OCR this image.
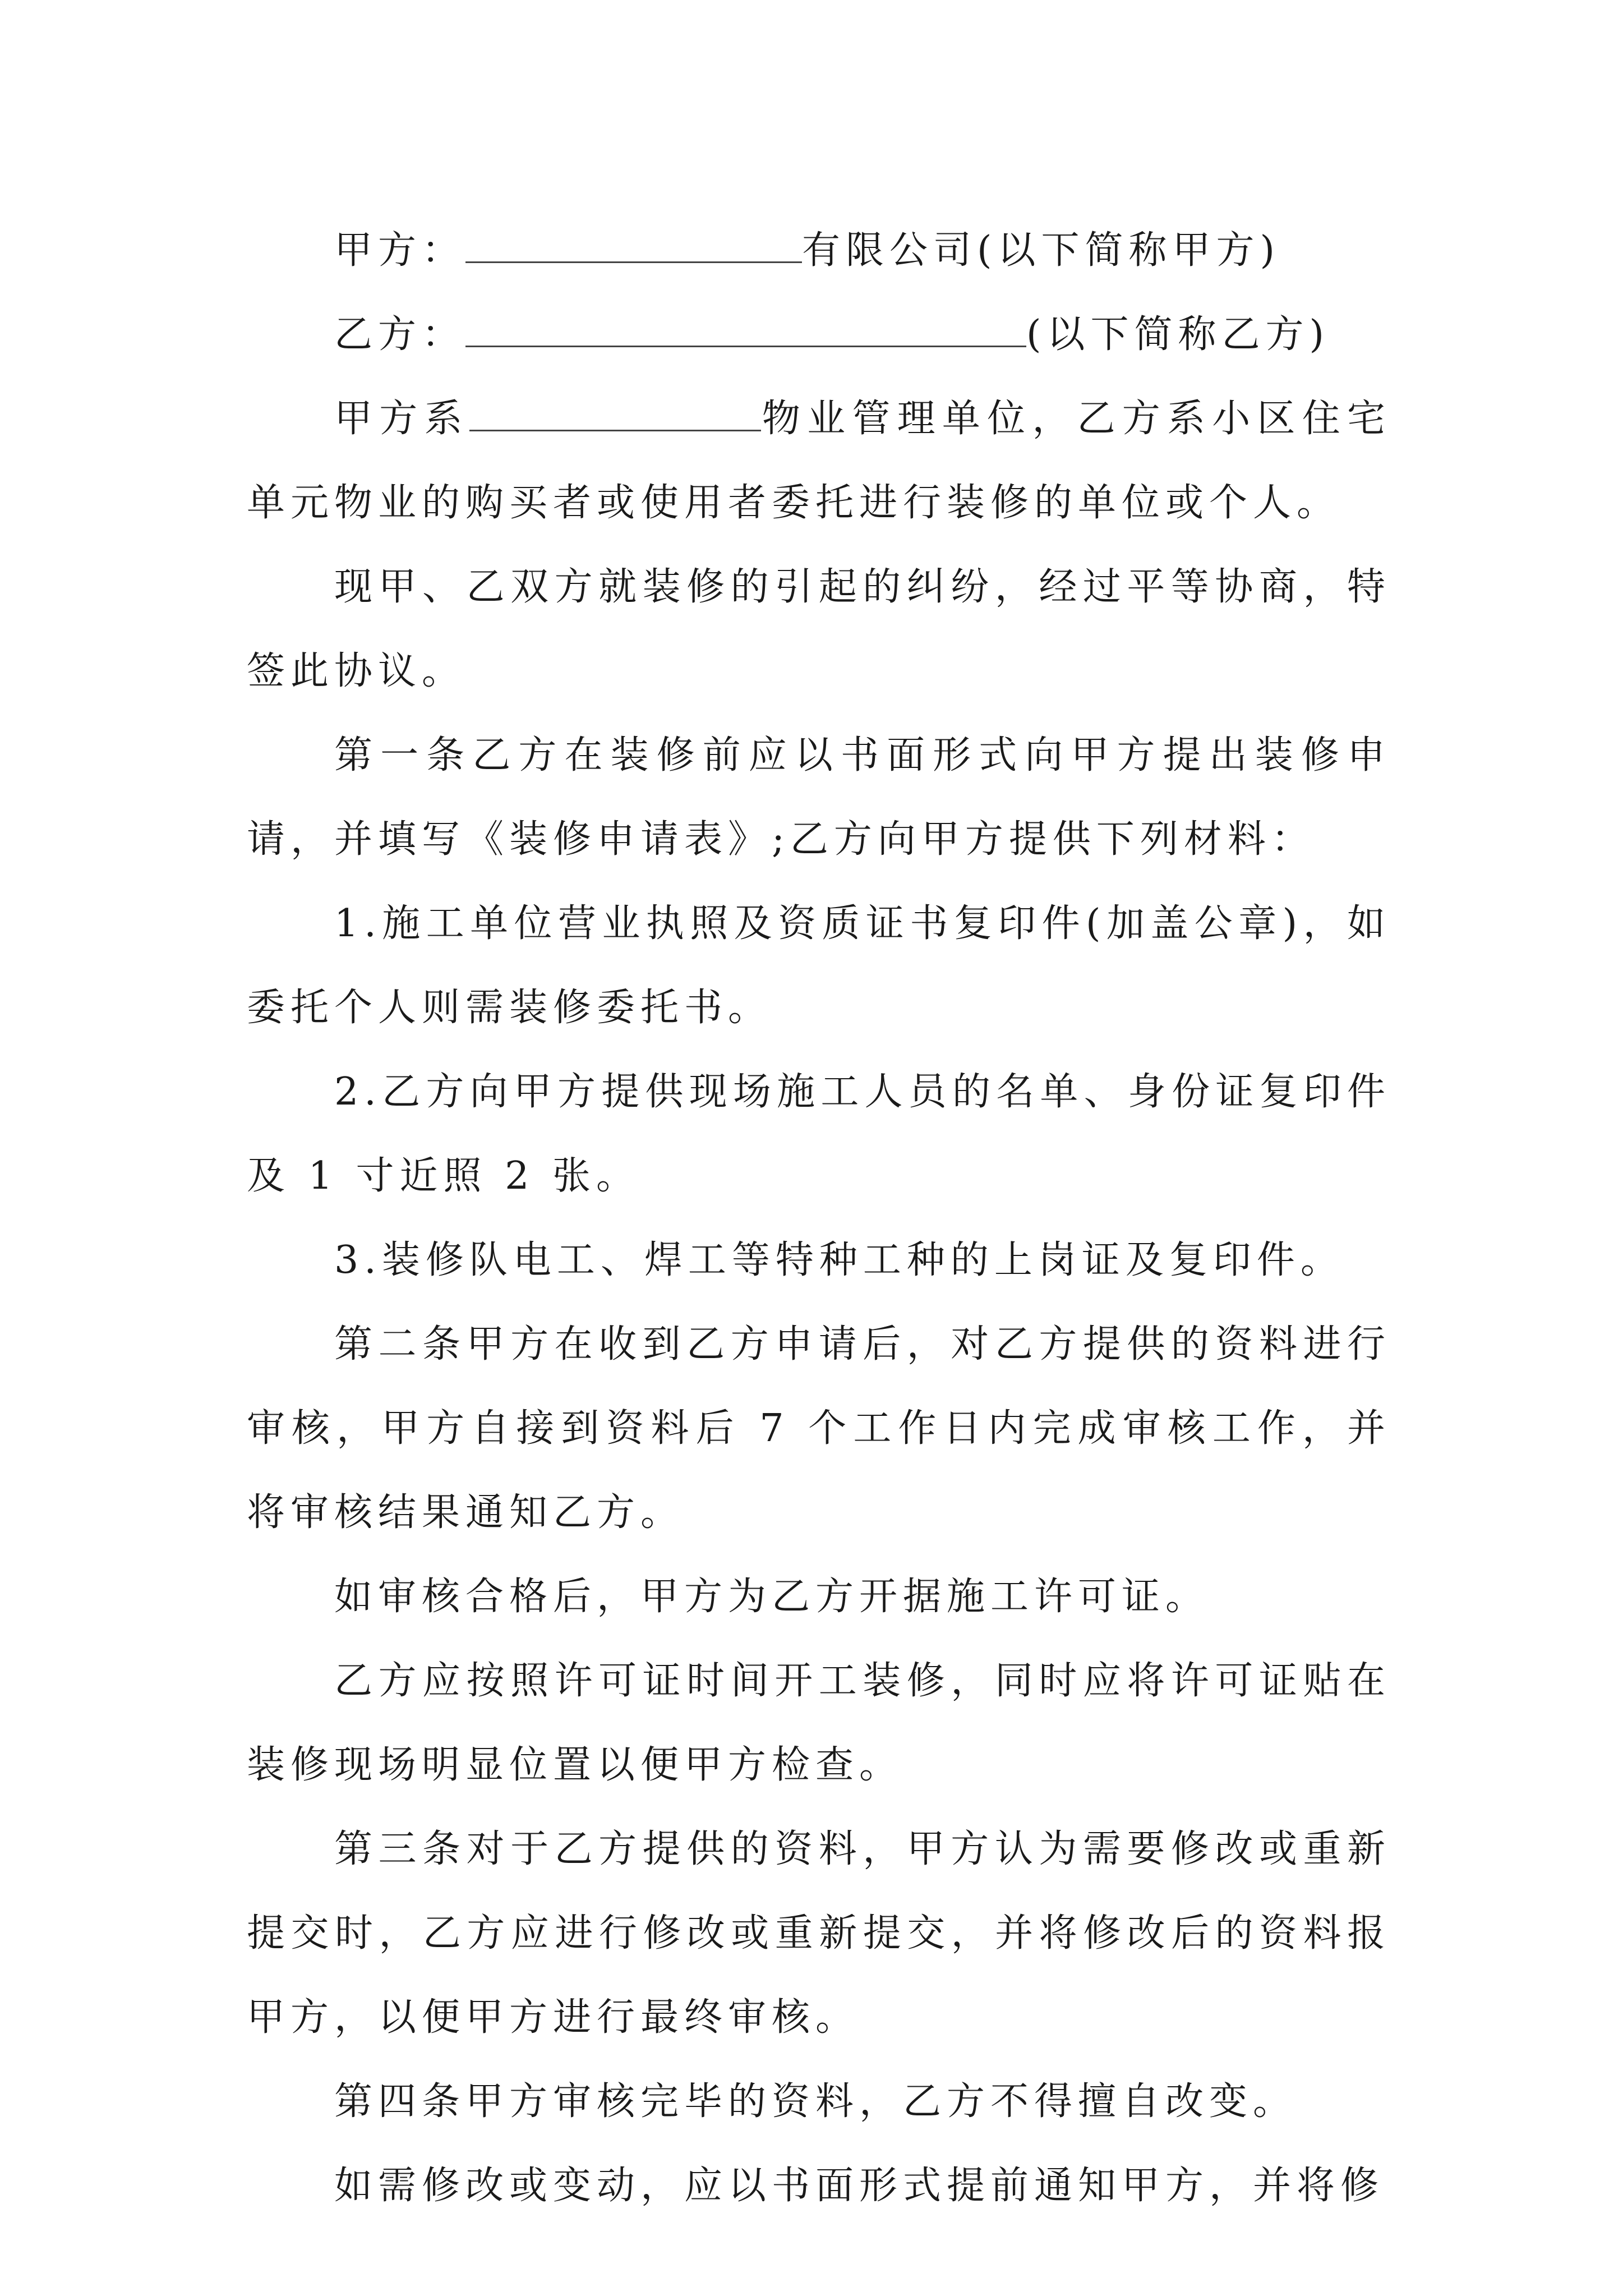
甲方：	有限公司(以下简称甲方)

乙方：	(以下简称乙方)

甲方系	物业管理单位，乙方系小区住宅单元物业的购买者或使用者委托进行装修的单位或个人。

现甲、乙双方就装修的引起的纠纷，经过平等协商，特签此协议。

第一条乙方在装修前应以书面形式向甲方提出装修申请，并填写《装修申请表》;乙方向甲方提供下列材料：

1.施工单位营业执照及资质证书复印件(加盖公章)，如委托个人则需装修委托书。

2.乙方向甲方提供现场施工人员的名单、身份证复印件及 1 寸近照 2 张。

3.装修队电工、焊工等特种工种的上岗证及复印件。

第二条甲方在收到乙方申请后，对乙方提供的资料进行审核，甲方自接到资料后 7 个工作日内完成审核工作，并将审核结果通知乙方。

如审核合格后，甲方为乙方开据施工许可证。

乙方应按照许可证时间开工装修，同时应将许可证贴在装修现场明显位置以便甲方检查。

第三条对于乙方提供的资料，甲方认为需要修改或重新提交时，乙方应进行修改或重新提交，并将修改后的资料报甲方，以便甲方进行最终审核。

第四条甲方审核完毕的资料，乙方不得擅自改变。

如需修改或变动，应以书面形式提前通知甲方，并将修
